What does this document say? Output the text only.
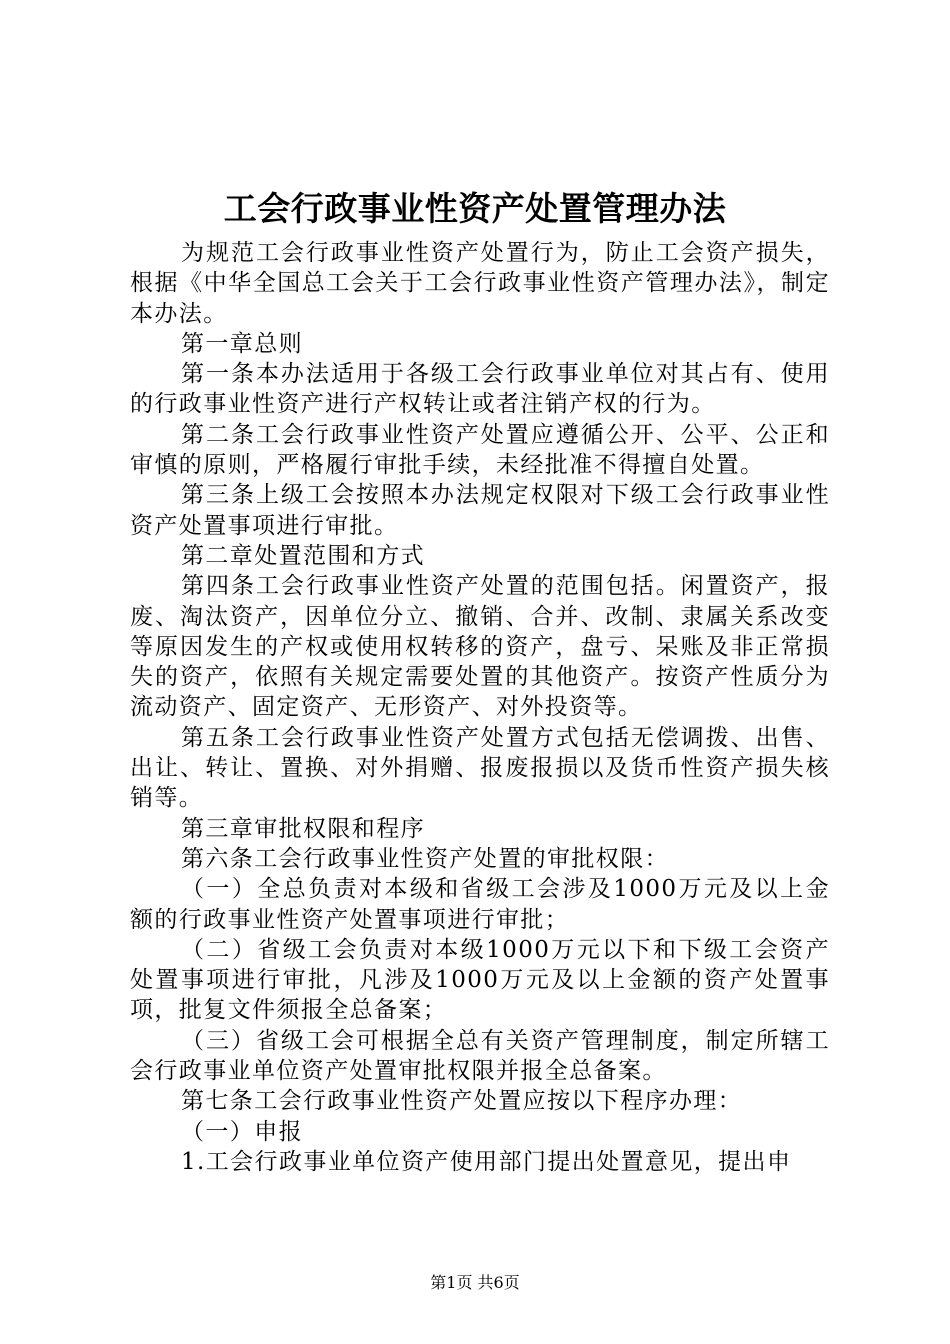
工会行政事业性资产处置管理办法

为规范工会行政事业性资产处置行为，防止工会资产损失，根据《中华全国总工会关于工会行政事业性资产管理办法》，制定本办法。

第一章总则

第一条本办法适用于各级工会行政事业单位对其占有、使用的行政事业性资产进行产权转让或者注销产权的行为。

第二条工会行政事业性资产处置应遵循公开、公平、公正和审慎的原则，严格履行审批手续，未经批准不得擅自处置。

第三条上级工会按照本办法规定权限对下级工会行政事业性资产处置事项进行审批。

第二章处置范围和方式

第四条工会行政事业性资产处置的范围包括。闲置资产，报废、淘汰资产，因单位分立、撤销、合并、改制、隶属关系改变等原因发生的产权或使用权转移的资产，盘亏、呆账及非正常损失的资产，依照有关规定需要处置的其他资产。按资产性质分为流动资产、固定资产、无形资产、对外投资等。

第五条工会行政事业性资产处置方式包括无偿调拨、出售、出让、转让、置换、对外捐赠、报废报损以及货币性资产损失核销等。

第三章审批权限和程序

第六条工会行政事业性资产处置的审批权限：

（一）全总负责对本级和省级工会涉及1000万元及以上金额的行政事业性资产处置事项进行审批；

（二）省级工会负责对本级1000万元以下和下级工会资产处置事项进行审批，凡涉及1000万元及以上金额的资产处置事项，批复文件须报全总备案；

（三）省级工会可根据全总有关资产管理制度，制定所辖工会行政事业单位资产处置审批权限并报全总备案。

第七条工会行政事业性资产处置应按以下程序办理：

（一）申报

1.工会行政事业单位资产使用部门提出处置意见，提出申

第1页 共6页
